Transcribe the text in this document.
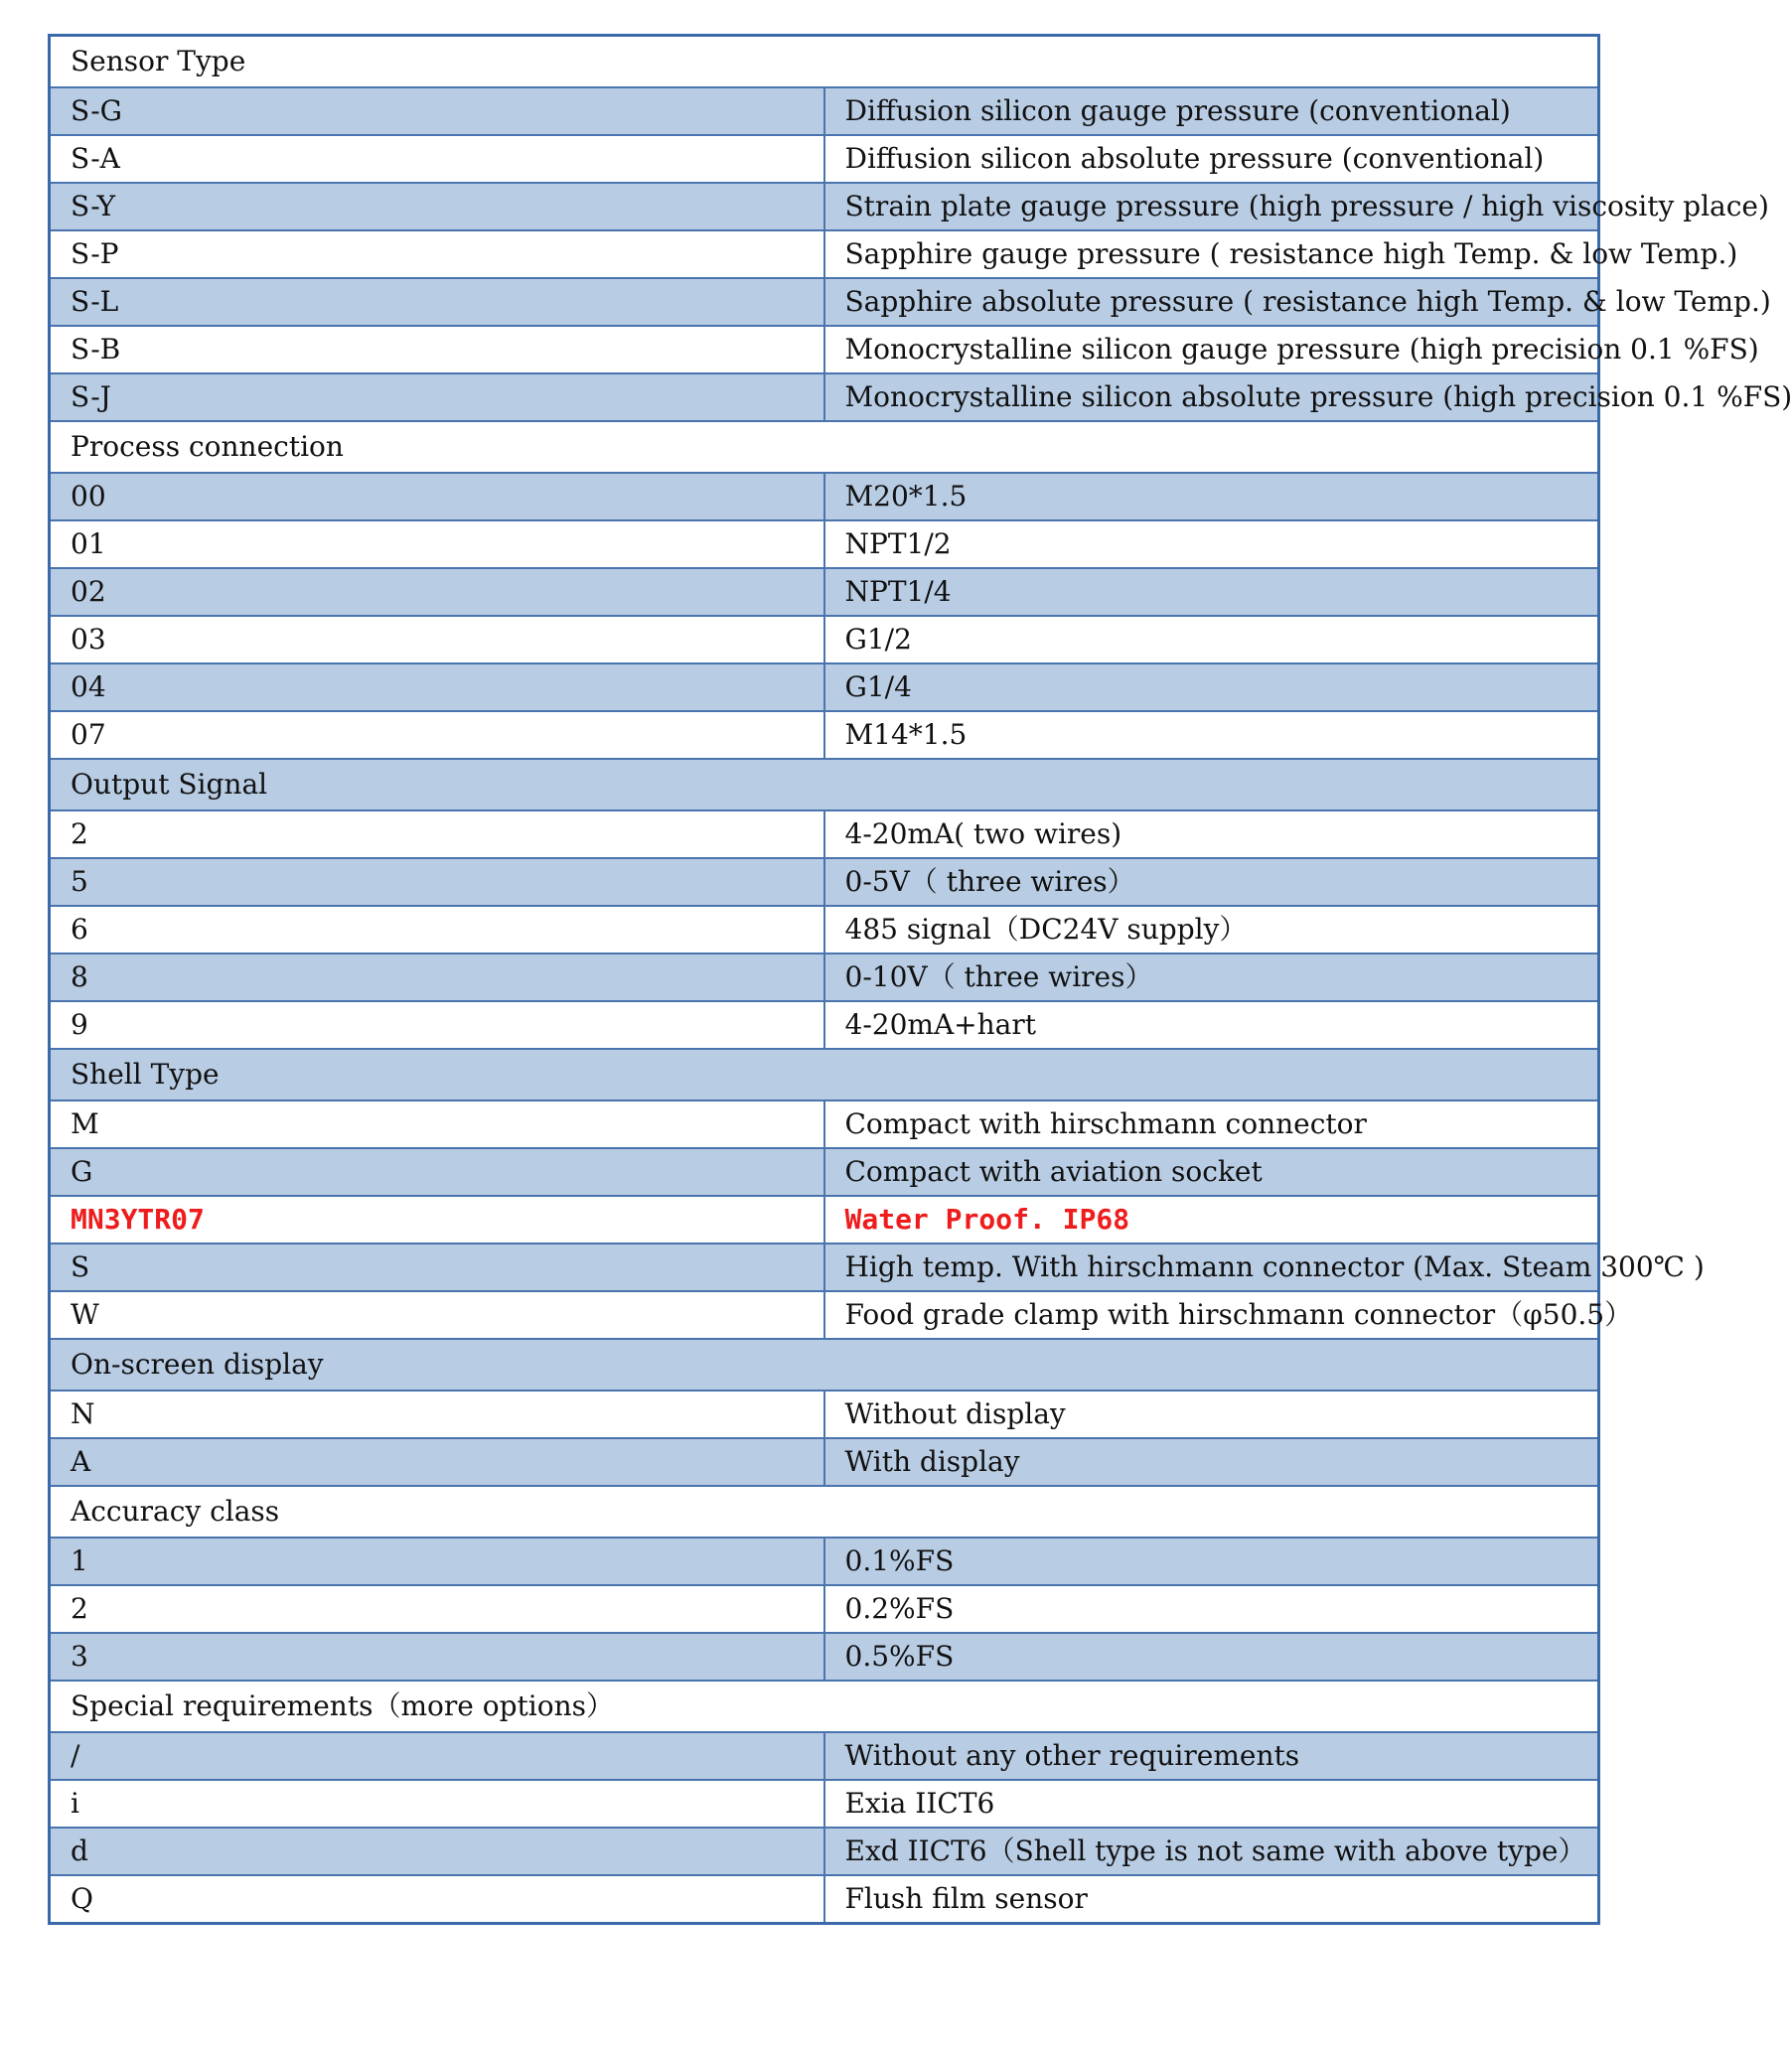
Sensor Type	
S-G	Diffusion silicon gauge pressure (conventional)
S-A	Diffusion silicon absolute pressure (conventional)
S-Y	Strain plate gauge pressure (high pressure / high viscosity place)
S-P	Sapphire gauge pressure ( resistance high Temp. & low Temp.)
S-L	Sapphire absolute pressure ( resistance high Temp. & low Temp.)
S-B	Monocrystalline silicon gauge pressure (high precision 0.1 %FS)
S-J	Monocrystalline silicon absolute pressure (high precision 0.1 %FS)
Process connection	
00	M20*1.5
01	NPT1/2
02	NPT1/4
03	G1/2
04	G1/4
07	M14*1.5
Output Signal	
2	4-20mA( two wires)
5	0-5V（ three wires）
6	485 signal（DC24V supply）
8	0-10V（ three wires）
9	4-20mA+hart
Shell Type	
M	Compact with hirschmann connector
G	Compact with aviation socket
MN3YTR07	Water Proof. IP68
S	High temp. With hirschmann connector (Max. Steam 300℃ )
W	Food grade clamp with hirschmann connector（φ50.5）
On-screen display	
N	Without display
A	With display
Accuracy class	
1	0.1%FS
2	0.2%FS
3	0.5%FS
Special requirements（more options）	
/	Without any other requirements
i	Exia IICT6
d	Exd IICT6（Shell type is not same with above type）
Q	Flush film sensor
